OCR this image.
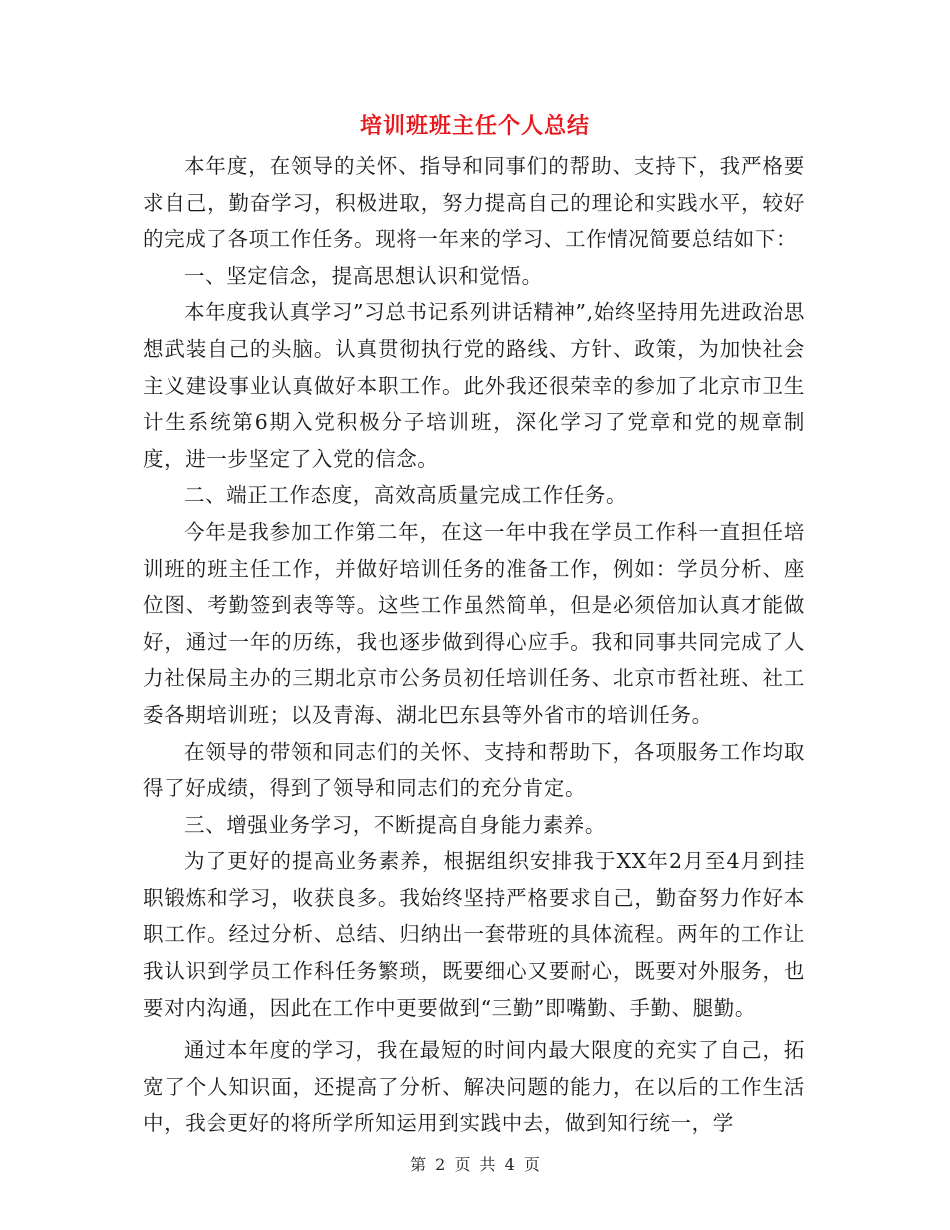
培训班班主任个人总结

本年度，在领导的关怀、指导和同事们的帮助、支持下，我严格要求自己，勤奋学习，积极进取，努力提高自己的理论和实践水平，较好的完成了各项工作任务。现将一年来的学习、工作情况简要总结如下：

一、坚定信念，提高思想认识和觉悟。

本年度我认真学习”习总书记系列讲话精神”,始终坚持用先进政治思想武装自己的头脑。认真贯彻执行党的路线、方针、政策，为加快社会主义建设事业认真做好本职工作。此外我还很荣幸的参加了北京市卫生计生系统第6期入党积极分子培训班，深化学习了党章和党的规章制度，进一步坚定了入党的信念。

二、端正工作态度，高效高质量完成工作任务。

今年是我参加工作第二年，在这一年中我在学员工作科一直担任培训班的班主任工作，并做好培训任务的准备工作，例如：学员分析、座位图、考勤签到表等等。这些工作虽然简单，但是必须倍加认真才能做好，通过一年的历练，我也逐步做到得心应手。我和同事共同完成了人力社保局主办的三期北京市公务员初任培训任务、北京市哲社班、社工委各期培训班；以及青海、湖北巴东县等外省市的培训任务。

在领导的带领和同志们的关怀、支持和帮助下，各项服务工作均取得了好成绩，得到了领导和同志们的充分肯定。

三、增强业务学习，不断提高自身能力素养。

为了更好的提高业务素养，根据组织安排我于XX年2月至4月到挂职锻炼和学习，收获良多。我始终坚持严格要求自己，勤奋努力作好本职工作。经过分析、总结、归纳出一套带班的具体流程。两年的工作让我认识到学员工作科任务繁琐，既要细心又要耐心，既要对外服务，也要对内沟通，因此在工作中更要做到“三勤”即嘴勤、手勤、腿勤。

通过本年度的学习，我在最短的时间内最大限度的充实了自己，拓宽了个人知识面，还提高了分析、解决问题的能力，在以后的工作生活中，我会更好的将所学所知运用到实践中去，做到知行统一，学

第 2 页 共 4 页
